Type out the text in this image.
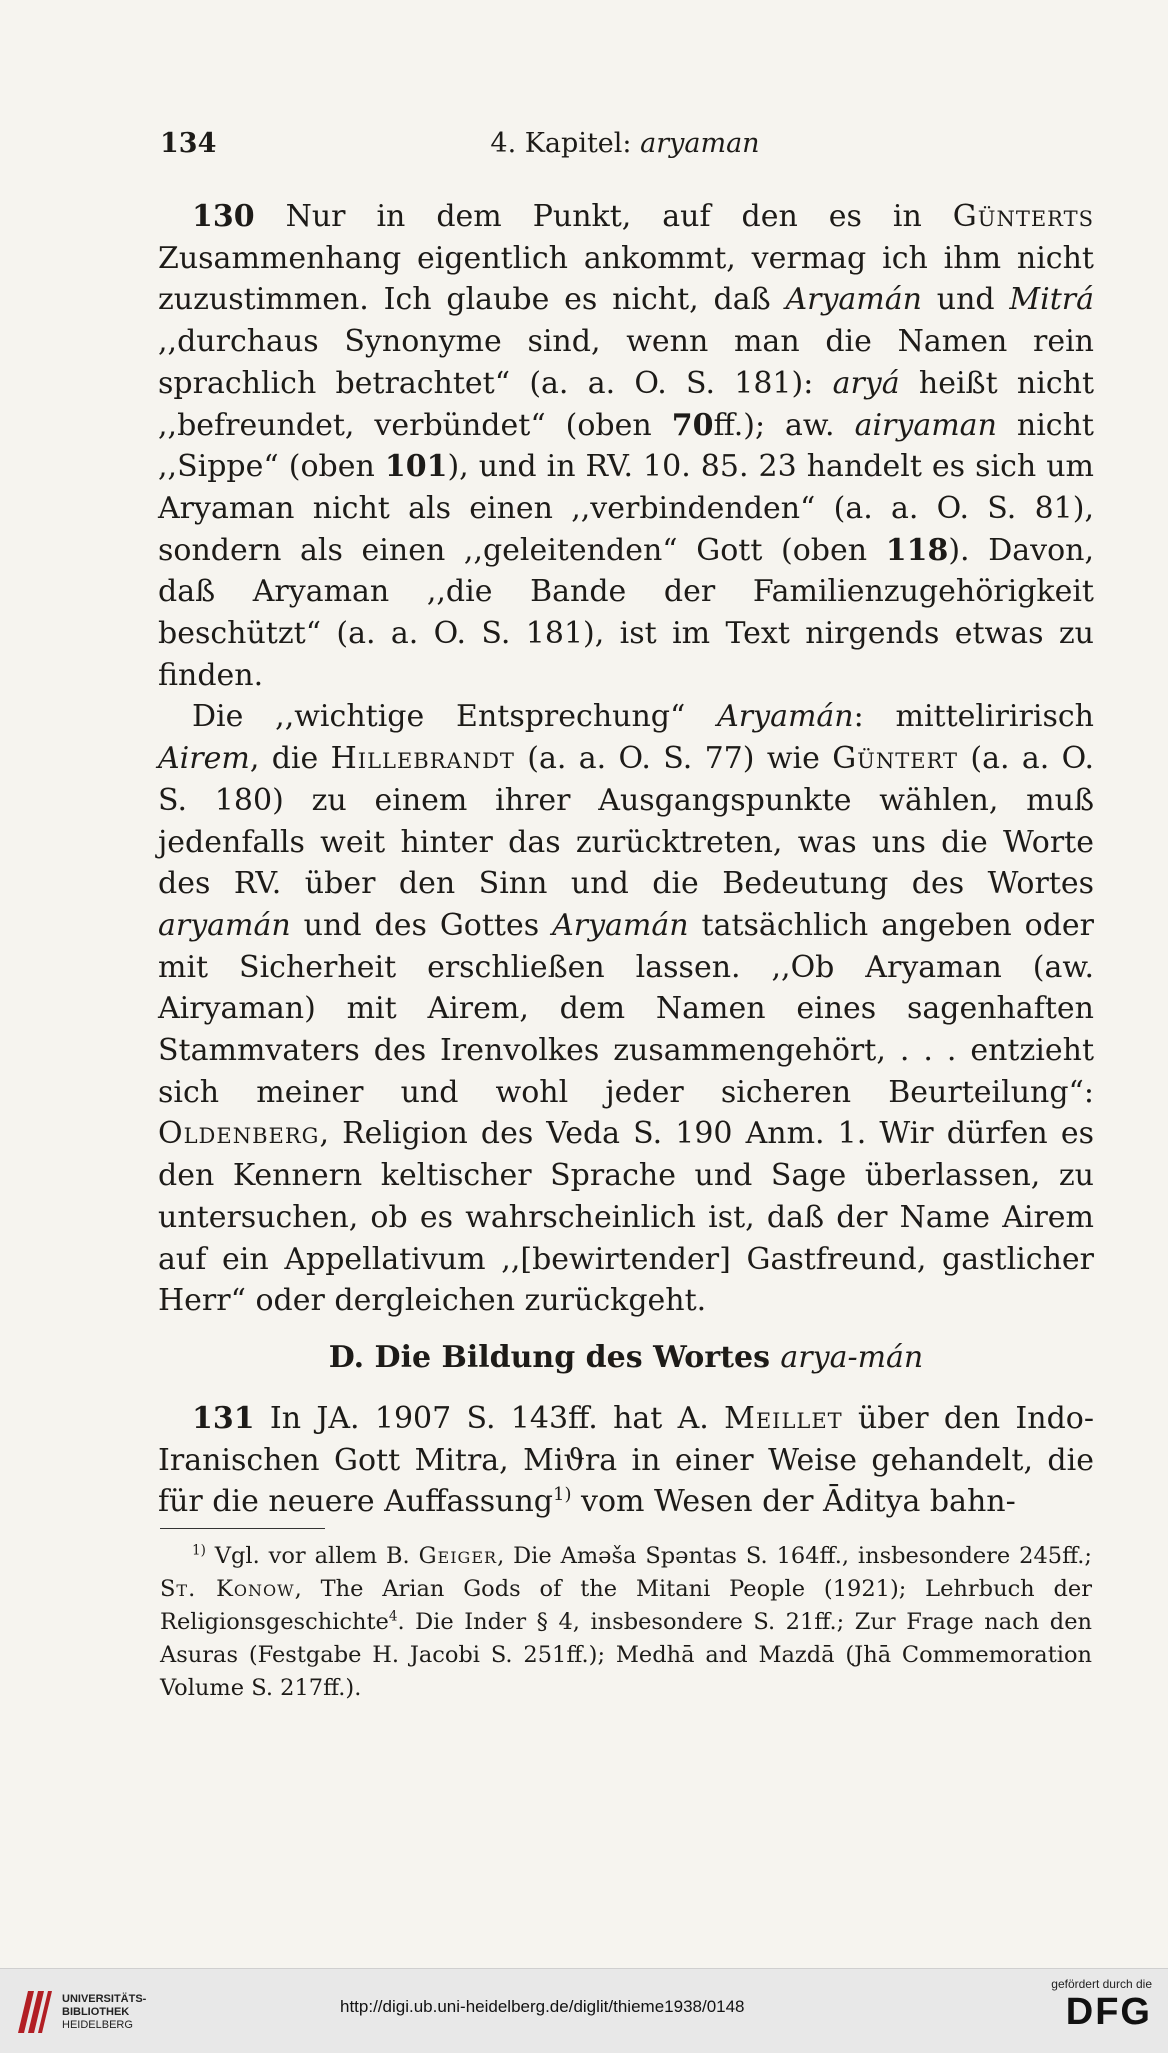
134	4. Kapitel: aryaman

130 Nur in dem Punkt, auf den es in Günterts Zusammenhang eigentlich ankommt, vermag ich ihm nicht zuzustimmen. Ich glaube es nicht, daß Aryamán und Mitrá ,,durchaus Synonyme sind, wenn man die Namen rein sprachlich betrachtet“ (a. a. O. S. 181): aryá heißt nicht ,,befreundet, verbündet“ (oben 70ff.); aw. airyaman nicht ,,Sippe“ (oben 101), und in RV. 10. 85. 23 handelt es sich um Aryaman nicht als einen ,,verbindenden“ (a. a. O. S. 81), sondern als einen ,,geleitenden“ Gott (oben 118). Davon, daß Aryaman ,,die Bande der Familienzugehörigkeit beschützt“ (a. a. O. S. 181), ist im Text nirgends etwas zu finden.

Die ,,wichtige Entsprechung“ Aryamán: mitteliririsch Airem, die Hillebrandt (a. a. O. S. 77) wie Güntert (a. a. O. S. 180) zu einem ihrer Ausgangspunkte wählen, muß jedenfalls weit hinter das zurücktreten, was uns die Worte des RV. über den Sinn und die Bedeutung des Wortes aryamán und des Gottes Aryamán tatsächlich angeben oder mit Sicherheit erschließen lassen. ,,Ob Aryaman (aw. Airyaman) mit Airem, dem Namen eines sagenhaften Stammvaters des Irenvolkes zusammengehört, . . . entzieht sich meiner und wohl jeder sicheren Beurteilung“: Oldenberg, Religion des Veda S. 190 Anm. 1. Wir dürfen es den Kennern keltischer Sprache und Sage überlassen, zu untersuchen, ob es wahrscheinlich ist, daß der Name Airem auf ein Appellativum ,,[bewirtender] Gastfreund, gastlicher Herr“ oder dergleichen zurückgeht.

D. Die Bildung des Wortes arya-mán

131 In JA. 1907 S. 143ff. hat A. Meillet über den Indo-Iranischen Gott Mitra, Miϑra in einer Weise gehandelt, die für die neuere Auffassung$^{1)}$ vom Wesen der Āditya bahn-

$^{1)}$ Vgl. vor allem B. Geiger, Die Aməša Spəntas S. 164ff., insbesondere 245ff.; St. Konow, The Arian Gods of the Mitani People (1921); Lehrbuch der Religionsgeschichte$^4$. Die Inder § 4, insbesondere S. 21ff.; Zur Frage nach den Asuras (Festgabe H. Jacobi S. 251ff.); Medhā and Mazdā (Jhā Commemoration Volume S. 217ff.).

UNIVERSITÄTS-
BIBLIOTHEK
HEIDELBERG
http://digi.ub.uni-heidelberg.de/diglit/thieme1938/0148
gefördert durch die
DFG
